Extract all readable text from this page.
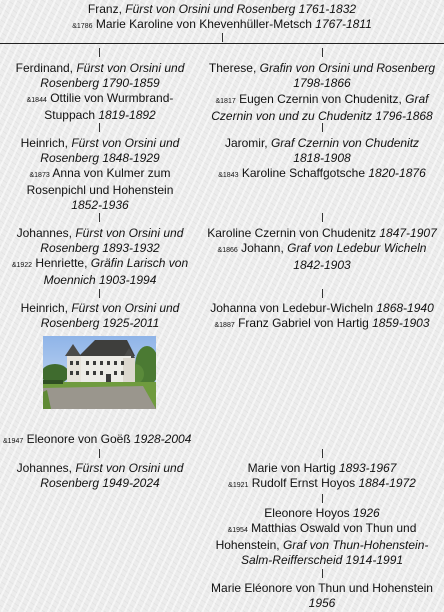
Franz, Fürst von Orsini und Rosenberg 1761-1832
&1786 Marie Karoline von Khevenhüller-Metsch 1767-1811
Ferdinand, Fürst von Orsini und
Rosenberg 1790-1859
&1844 Ottilie von Wurmbrand-
Stuppach 1819-1892
Heinrich, Fürst von Orsini und
Rosenberg 1848-1929
&1873 Anna von Kulmer zum
Rosenpichl und Hohenstein
1852-1936
Johannes, Fürst von Orsini und
Rosenberg 1893-1932
&1922 Henriette, Gräfin Larisch von
Moennich 1903-1994
Heinrich, Fürst von Orsini und
Rosenberg 1925-2011
&1947 Eleonore von Goëß 1928-2004
Johannes, Fürst von Orsini und
Rosenberg 1949-2024
Therese, Grafin von Orsini und Rosenberg
1798-1866
&1817 Eugen Czernin von Chudenitz, Graf
Czernin von und zu Chudenitz 1796-1868
Jaromir, Graf Czernin von Chudenitz
1818-1908
&1843 Karoline Schaffgotsche 1820-1876
Karoline Czernin von Chudenitz 1847-1907
&1866 Johann, Graf von Ledebur Wicheln
1842-1903
Johanna von Ledebur-Wicheln 1868-1940
&1887 Franz Gabriel von Hartig 1859-1903
Marie von Hartig 1893-1967
&1921 Rudolf Ernst Hoyos 1884-1972
Eleonore Hoyos 1926
&1954 Matthias Oswald von Thun und
Hohenstein, Graf von Thun-Hohenstein-
Salm-Reifferscheid 1914-1991
Marie Eléonore von Thun und Hohenstein
1956
